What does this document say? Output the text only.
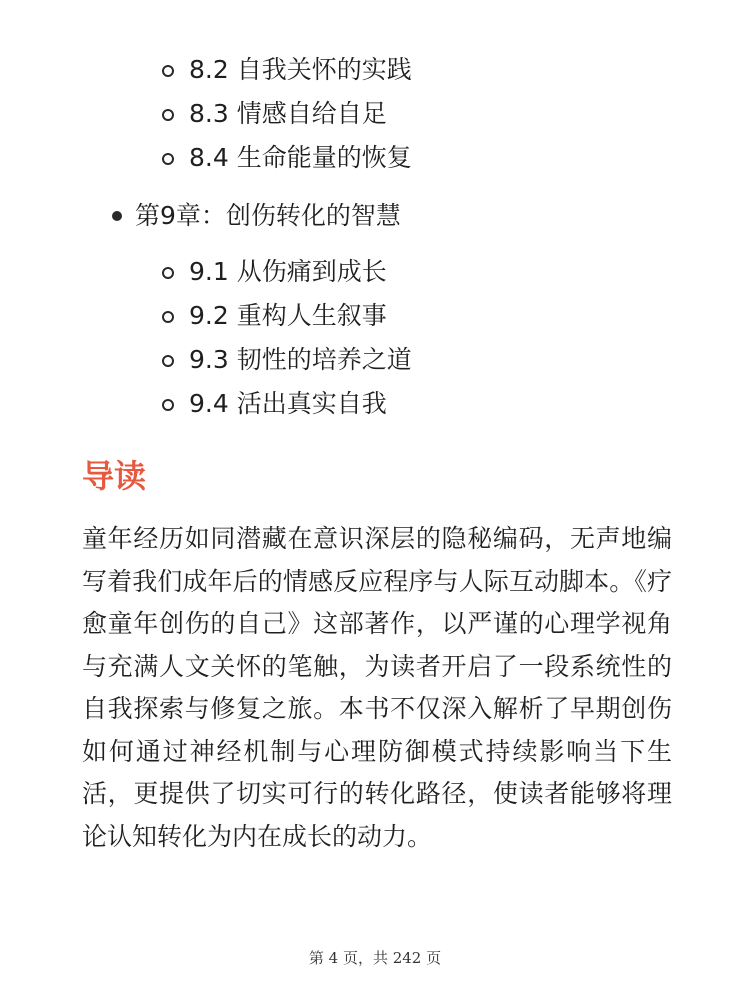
8.2 自我关怀的实践
8.3 情感自给自足
8.4 生命能量的恢复
第9章：创伤转化的智慧
9.1 从伤痛到成长
9.2 重构人生叙事
9.3 韧性的培养之道
9.4 活出真实自我
导读

童年经历如同潜藏在意识深层的隐秘编码，无声地编写着我们成年后的情感反应程序与人际互动脚本。《疗愈童年创伤的自己》这部著作，以严谨的心理学视角与充满人文关怀的笔触，为读者开启了一段系统性的自我探索与修复之旅。本书不仅深入解析了早期创伤如何通过神经机制与心理防御模式持续影响当下生活，更提供了切实可行的转化路径，使读者能够将理论认知转化为内在成长的动力。

第 4 页，共 242 页
